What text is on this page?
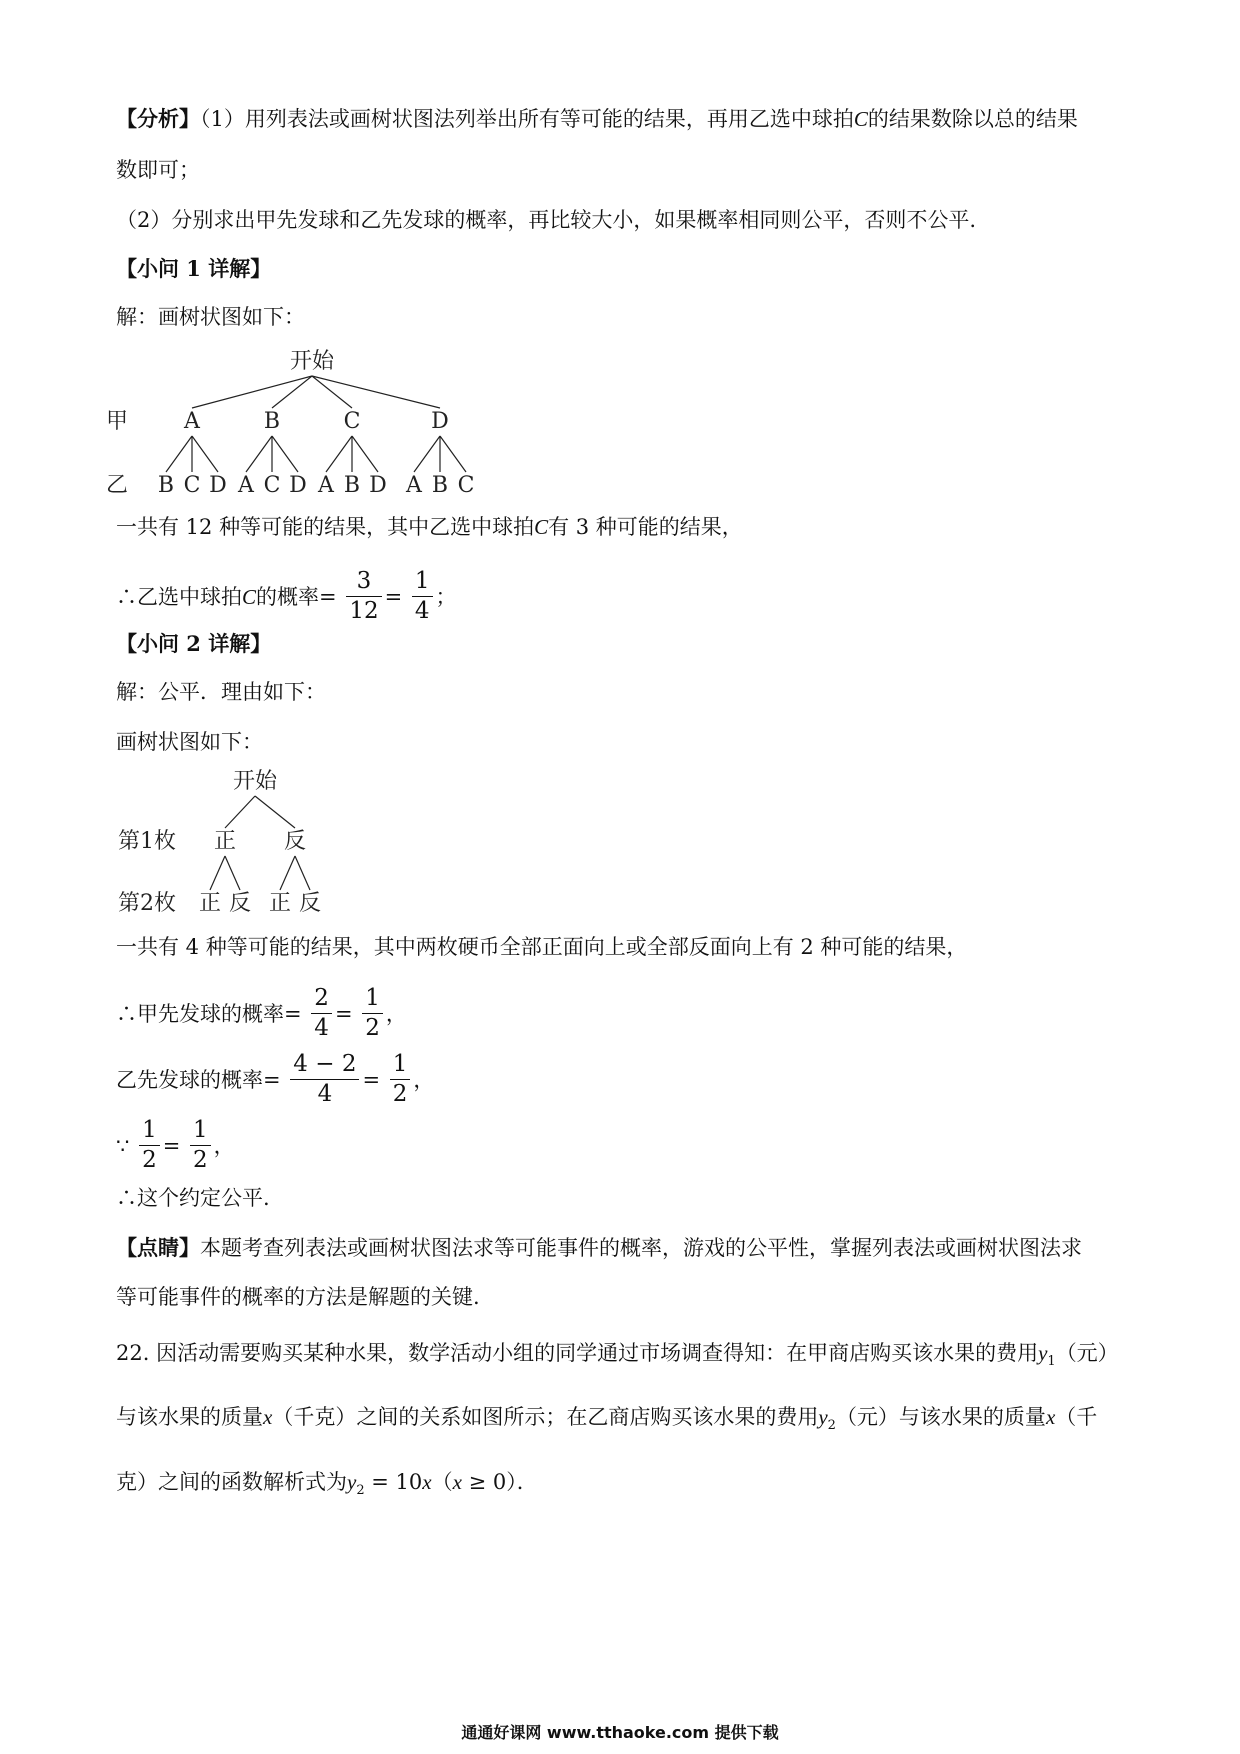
【分析】（1）用列表法或画树状图法列举出所有等可能的结果，再用乙选中球拍C的结果数除以总的结果
数即可；
（2）分别求出甲先发球和乙先发球的概率，再比较大小，如果概率相同则公平，否则不公平.
【小问 1 详解】
解：画树状图如下：
开始
甲
乙
A
B C D
B
A C D
C
A B D
D
A B C
一共有 12 种等可能的结果，其中乙选中球拍C有 3 种可能的结果，
∴乙选中球拍C的概率= $\frac{3}{12} = \frac{1}{4}$ ；
【小问 2 详解】
解：公平．理由如下：
画树状图如下：
开始
第1枚
第2枚
正
正 反
反
正 反
一共有 4 种等可能的结果，其中两枚硬币全部正面向上或全部反面向上有 2 种可能的结果，
∴甲先发球的概率= $\frac{2}{4} = \frac{1}{2}$ ，
乙先发球的概率= $\frac{4 - 2}{4} = \frac{1}{2}$ ，
∵ $\frac{1}{2} = \frac{1}{2}$ ，
∴这个约定公平.
【点睛】本题考查列表法或画树状图法求等可能事件的概率，游戏的公平性，掌握列表法或画树状图法求
等可能事件的概率的方法是解题的关键.
22. 因活动需要购买某种水果，数学活动小组的同学通过市场调查得知：在甲商店购买该水果的费用$y_1$（元）
与该水果的质量x（千克）之间的关系如图所示；在乙商店购买该水果的费用$y_2$（元）与该水果的质量x（千
克）之间的函数解析式为$y_2 = 10x(x \ge 0)$．
通通好课网 www.tthaoke.com 提供下载
